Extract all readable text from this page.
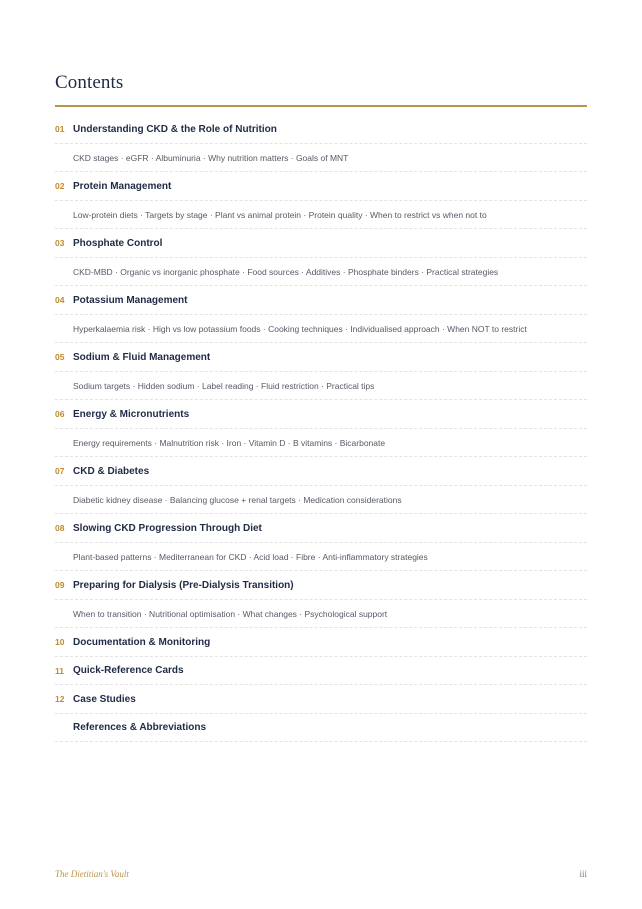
Contents
01 Understanding CKD & the Role of Nutrition
CKD stages · eGFR · Albuminuria · Why nutrition matters · Goals of MNT
02 Protein Management
Low-protein diets · Targets by stage · Plant vs animal protein · Protein quality · When to restrict vs when not to
03 Phosphate Control
CKD-MBD · Organic vs inorganic phosphate · Food sources · Additives · Phosphate binders · Practical strategies
04 Potassium Management
Hyperkalaemia risk · High vs low potassium foods · Cooking techniques · Individualised approach · When NOT to restrict
05 Sodium & Fluid Management
Sodium targets · Hidden sodium · Label reading · Fluid restriction · Practical tips
06 Energy & Micronutrients
Energy requirements · Malnutrition risk · Iron · Vitamin D · B vitamins · Bicarbonate
07 CKD & Diabetes
Diabetic kidney disease · Balancing glucose + renal targets · Medication considerations
08 Slowing CKD Progression Through Diet
Plant-based patterns · Mediterranean for CKD · Acid load · Fibre · Anti-inflammatory strategies
09 Preparing for Dialysis (Pre-Dialysis Transition)
When to transition · Nutritional optimisation · What changes · Psychological support
10 Documentation & Monitoring
11 Quick-Reference Cards
12 Case Studies
References & Abbreviations
The Dietitian's Vault	iii
